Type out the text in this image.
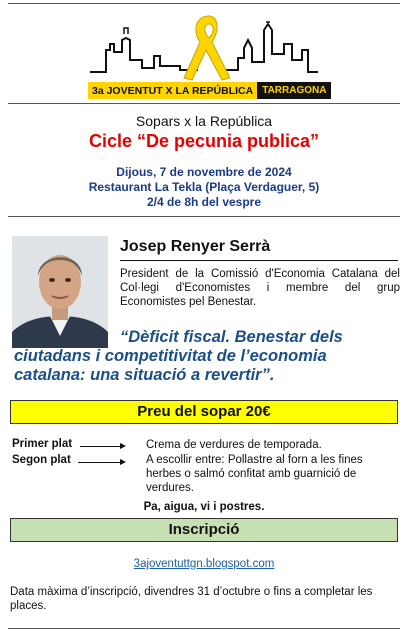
3a JOVENTUT X LA REPÚBLICA TARRAGONA
Sopars x la República
Cicle “De pecunia publica”
Dijous, 7 de novembre de 2024
Restaurant La Tekla (Plaça Verdaguer, 5)
2/4 de 8h del vespre
Josep Renyer Serrà
President de la Comissió d'Economia Catalana del Col·legi d'Economistes i membre del grup Economistes pel Benestar.
“Dèficit fiscal. Benestar dels
ciutadans i competitivitat de l’economia
catalana: una situació a revertir”.
Preu del sopar 20€
Primer plat	Crema de verdures de temporada.
Segon plat	A escollir entre: Pollastre al forn a les fines
herbes o salmó confitat amb guarnició de
verdures.
Pa, aigua, vi i postres.
Inscripció
3ajoventuttgn.blogspot.com
Data màxima d’inscripció, divendres 31 d’octubre o fins a completar les places.
